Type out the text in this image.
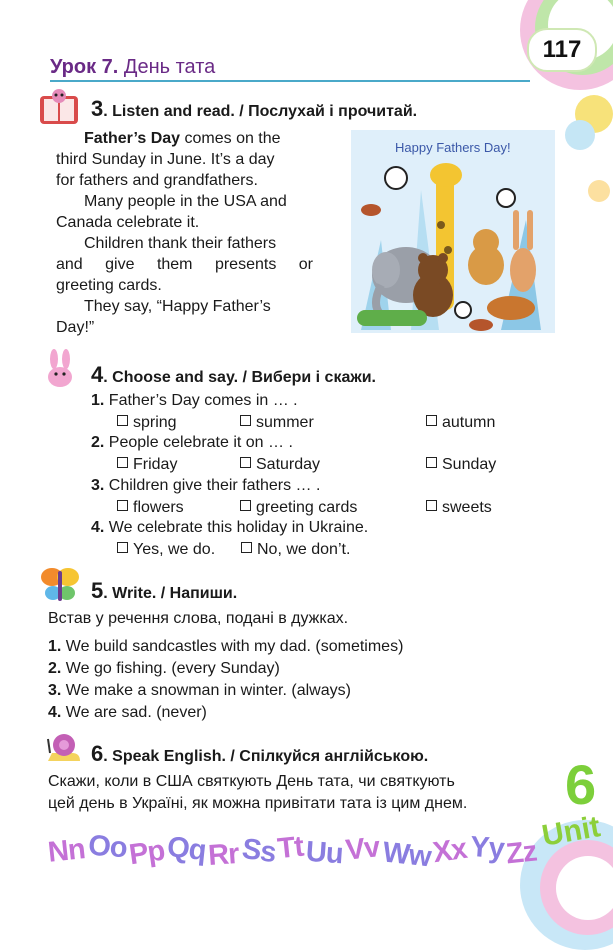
117
Урок 7. День тата
3. Listen and read. / Послухай і прочитай.
Father’s Day comes on the
third Sunday in June. It’s a day
for fathers and grandfathers.
Many people in the USA and
Canada celebrate it.
Children thank their fathers
and give them presents or
greeting cards.
They say, “Happy Father’s
Day!”
Happy Fathers Day!
4. Choose and say. / Вибери і скажи.
1. Father’s Day comes in … .
spring	summer	autumn
2. People celebrate it on … .
Friday	Saturday	Sunday
3. Children give their fathers … .
flowers	greeting cards	sweets
4. We celebrate this holiday in Ukraine.
Yes, we do.	No, we don’t.
5. Write. / Напиши.
Встав у речення слова, подані в дужках.
1. We build sandcastles with my dad. (sometimes)
2. We go fishing. (every Sunday)
3. We make a snowman in winter. (always)
4. We are sad. (never)
6. Speak English. / Спілкуйся англійською.
Скажи, коли в США святкують День тата, чи святкують
цей день в Україні, як можна привітати тата із цим днем. 6
Unit
NnOoPpQqRrSsTtUuVvWwXxYyZz
